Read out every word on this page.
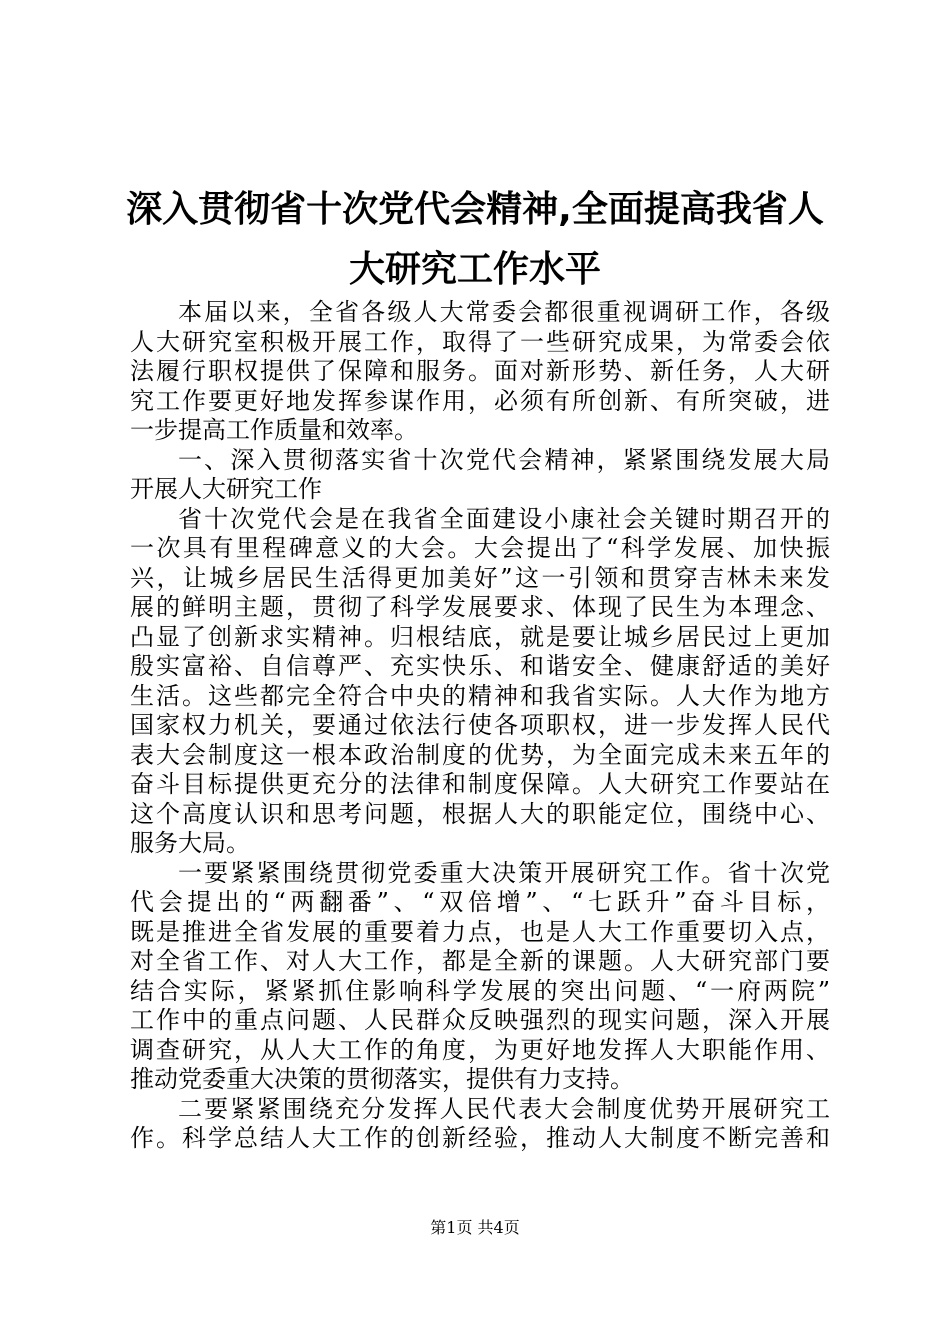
深入贯彻省十次党代会精神,全面提高我省人
大研究工作水平
本届以来，全省各级人大常委会都很重视调研工作，各级
人大研究室积极开展工作，取得了一些研究成果，为常委会依
法履行职权提供了保障和服务。面对新形势、新任务，人大研
究工作要更好地发挥参谋作用，必须有所创新、有所突破，进
一步提高工作质量和效率。
一、深入贯彻落实省十次党代会精神，紧紧围绕发展大局
开展人大研究工作
省十次党代会是在我省全面建设小康社会关键时期召开的
一次具有里程碑意义的大会。大会提出了“科学发展、加快振
兴，让城乡居民生活得更加美好”这一引领和贯穿吉林未来发
展的鲜明主题，贯彻了科学发展要求、体现了民生为本理念、
凸显了创新求实精神。归根结底，就是要让城乡居民过上更加
殷实富裕、自信尊严、充实快乐、和谐安全、健康舒适的美好
生活。这些都完全符合中央的精神和我省实际。人大作为地方
国家权力机关，要通过依法行使各项职权，进一步发挥人民代
表大会制度这一根本政治制度的优势，为全面完成未来五年的
奋斗目标提供更充分的法律和制度保障。人大研究工作要站在
这个高度认识和思考问题，根据人大的职能定位，围绕中心、
服务大局。
一要紧紧围绕贯彻党委重大决策开展研究工作。省十次党
代会提出的“两翻番”、“双倍增”、“七跃升”奋斗目标，
既是推进全省发展的重要着力点，也是人大工作重要切入点，
对全省工作、对人大工作，都是全新的课题。人大研究部门要
结合实际，紧紧抓住影响科学发展的突出问题、“一府两院”
工作中的重点问题、人民群众反映强烈的现实问题，深入开展
调查研究，从人大工作的角度，为更好地发挥人大职能作用、
推动党委重大决策的贯彻落实，提供有力支持。
二要紧紧围绕充分发挥人民代表大会制度优势开展研究工
作。科学总结人大工作的创新经验，推动人大制度不断完善和
第1页 共4页
